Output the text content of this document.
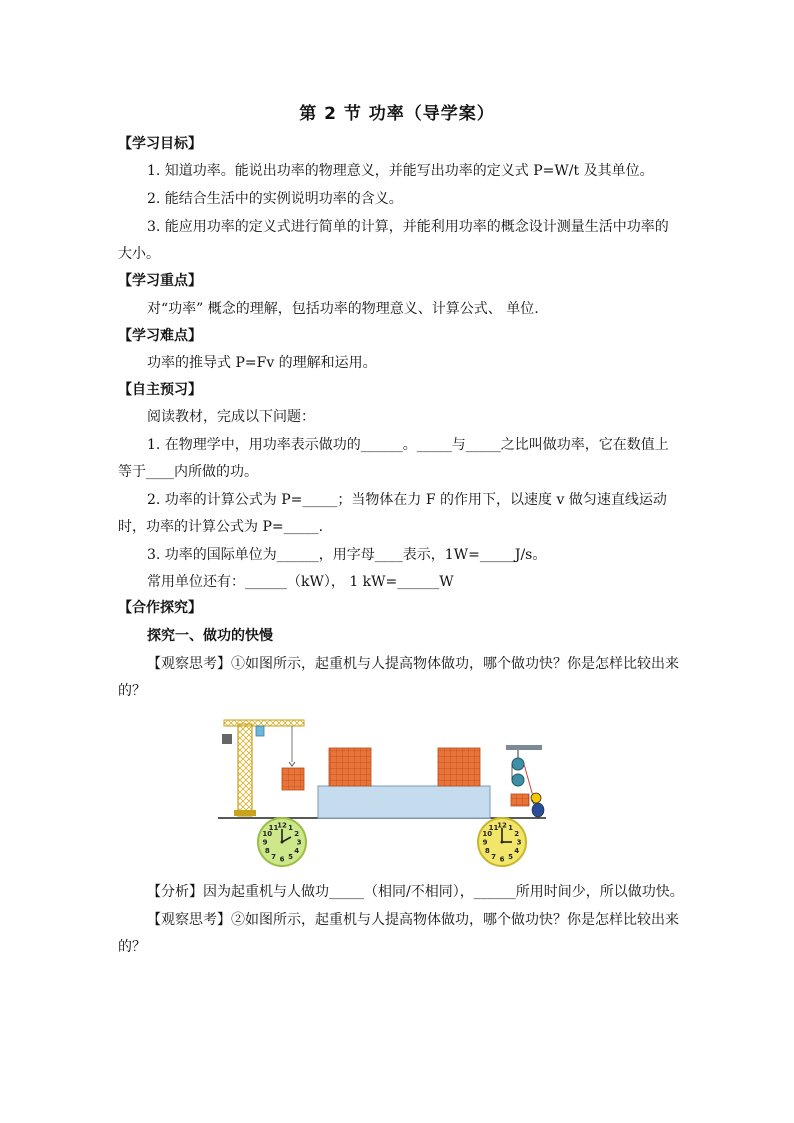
第 2 节 功率（导学案）
【学习目标】
1. 知道功率。能说出功率的物理意义，并能写出功率的定义式 P=W/t 及其单位。
2. 能结合生活中的实例说明功率的含义。
3. 能应用功率的定义式进行简单的计算，并能利用功率的概念设计测量生活中功率的
大小。
【学习重点】
对“功率” 概念的理解，包括功率的物理意义、计算公式、 单位.
【学习难点】
功率的推导式 P=Fv 的理解和运用。
【自主预习】
阅读教材，完成以下问题：
1. 在物理学中，用功率表示做功的______。_____与_____之比叫做功率，它在数值上
等于____内所做的功。
2. 功率的计算公式为 P=_____；当物体在力 F 的作用下，以速度 v 做匀速直线运动
时，功率的计算公式为 P=_____.
3. 功率的国际单位为______，用字母____表示，1W=_____J/s。
常用单位还有：______（kW）， 1 kW=______W
【合作探究】
探究一、做功的快慢
【观察思考】①如图所示，起重机与人提高物体做功，哪个做功快？你是怎样比较出来
的？
12 1
2
3
4
5
6
7
8
9
10
11	12 1
2
3
4
5
6
7
8
9
10
11
【分析】因为起重机与人做功_____（相同/不相同），______所用时间少，所以做功快。
【观察思考】②如图所示，起重机与人提高物体做功，哪个做功快？你是怎样比较出来
的？
